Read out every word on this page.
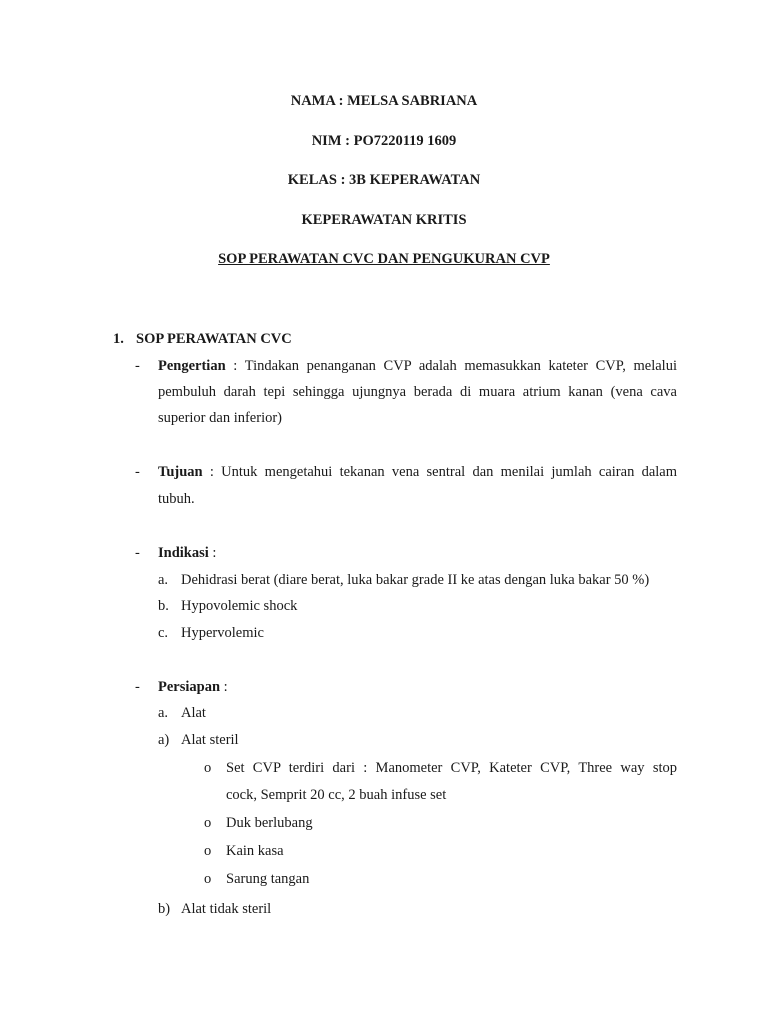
NAMA : MELSA SABRIANA
NIM : PO7220119 1609
KELAS : 3B KEPERAWATAN
KEPERAWATAN KRITIS
SOP PERAWATAN CVC DAN PENGUKURAN CVP
1. SOP PERAWATAN CVC
- Pengertian : Tindakan penanganan CVP adalah memasukkan kateter CVP, melalui
pembuluh darah tepi sehingga ujungnya berada di muara atrium kanan (vena cava
superior dan inferior)
- Tujuan : Untuk mengetahui tekanan vena sentral dan menilai jumlah cairan dalam
tubuh.
- Indikasi :
a. Dehidrasi berat (diare berat, luka bakar grade II ke atas dengan luka bakar 50 %)
b. Hypovolemic shock
c. Hypervolemic
- Persiapan :
a. Alat
a) Alat steril
o Set CVP terdiri dari : Manometer CVP, Kateter CVP, Three way stop
cock, Semprit 20 cc, 2 buah infuse set
o Duk berlubang
o Kain kasa
o Sarung tangan
b) Alat tidak steril
